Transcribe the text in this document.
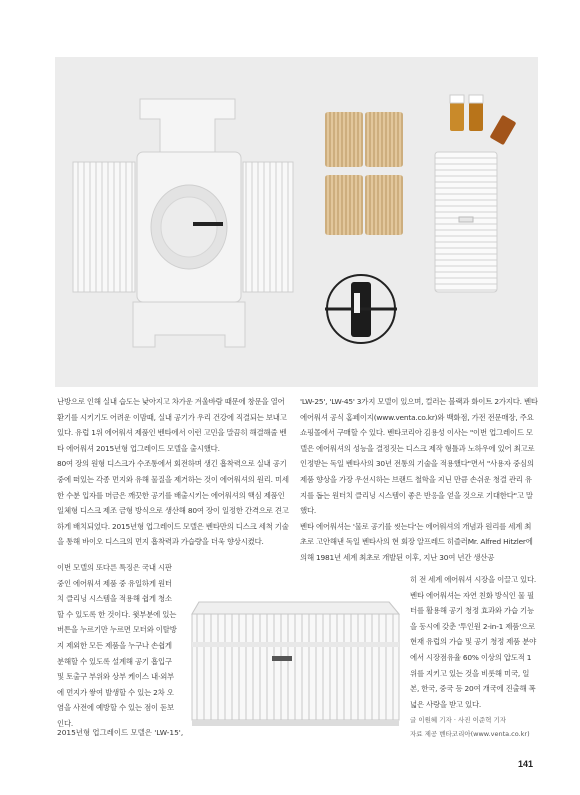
난방으로 인해 실내 습도는 낮아지고 차가운 겨울바람 때문에 창문을 열어 환기를 시키기도 어려운 이맘때, 실내 공기가 우리 건강에 직결되는 보내고 있다. 유럽 1위 에어워셔 제품인 벤타에서 이런 고민을 말끔히 해결해줄 벤타 에어워셔 2015년형 업그레이드 모델을 출시했다.

80여 장의 원형 디스크가 수조통에서 회전하며 생긴 흡착력으로 실내 공기 중에 떠있는 각종 먼지와 유해 물질을 제거하는 것이 에어워셔의 원리. 미세한 수분 입자를 머금은 깨끗한 공기를 배출시키는 에어워셔의 핵심 제품인 일체형 디스크 제조 금형 방식으로 생산해 80여 장이 일정한 간격으로 견고하게 배치되었다. 2015년형 업그레이드 모델은 벤타만의 디스크 세척 기술을 통해 바이오 디스크의 먼지 흡착력과 가습량을 더욱 향상시켰다.

'LW-25', 'LW-45' 3가지 모델이 있으며, 컬러는 블랙과 화이트 2가지다. 벤타 에어워셔 공식 홈페이지(www.venta.co.kr)와 백화점, 가전 전문매장, 주요 쇼핑몰에서 구매할 수 있다. 벤타코리아 김용성 이사는 "이번 업그레이드 모델은 에어워셔의 성능을 결정짓는 디스크 제작 형틀과 노하우에 있어 최고로 인정받는 독일 벤타사의 30년 전통의 기술을 적용했다"면서 "사용자 중심의 제품 향상을 가장 우선시하는 브랜드 철학을 지닌 만큼 손쉬운 청결 관리 유지를 돕는 원터치 클리닝 시스템이 좋은 반응을 얻을 것으로 기대한다"고 말했다.

벤타 에어워셔는 '물로 공기를 씻는다'는 에어워셔의 개념과 원리를 세계 최초로 고안해낸 독일 벤타사의 현 회장 알프레드 히즐러Mr. Alfred Hitzler에 의해 1981년 세계 최초로 개발된 이후, 지난 30여 년간 생산공

이번 모델의 또다른 특징은 국내 시판 중인 에어워셔 제품 중 유일하게 원터치 클리닝 시스템을 적용해 쉽게 청소할 수 있도록 한 것이다. 윗부분에 있는 버튼을 누르기만 누르면 모터와 이탈방지 제외한 모든 제품을 누구나 손쉽게 분해할 수 있도록 설계해 공기 흡입구 및 토출구 부위와 상부 케이스 내·외부에 먼지가 쌓여 발생할 수 있는 2차 오염을 사전에 예방할 수 있는 점이 돋보인다.
히 전 세계 에어워셔 시장을 이끌고 있다. 벤타 에어워셔는 자연 친화 방식인 물 필터를 활용해 공기 청정 효과와 가습 기능을 동시에 갖춘 '투인원 2-in-1 제품'으로 현재 유럽의 가습 및 공기 청정 제품 분야에서 시장점유율 60% 이상의 압도적 1위를 지키고 있는 것을 비롯해 미국, 일본, 한국, 중국 등 20여 개국에 진출해 폭넓은 사랑을 받고 있다.
2015년형 업그레이드 모델은 'LW-15',
글 이원혜 기자 · 사진 이준혁 기자
자료 제공 벤타코리아(www.venta.co.kr)
141
